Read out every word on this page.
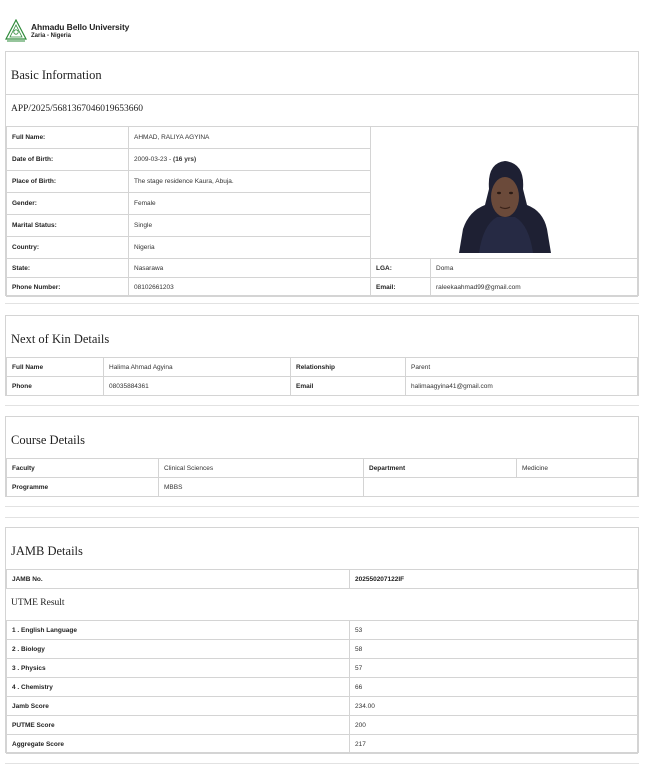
Ahmadu Bello University
Zaria - Nigeria
Basic Information
APP/2025/5681367046019653660
Full Name:	AHMAD, RALIYA AGYINA		
Date of Birth:	2009-03-23 - (16 yrs)		
Place of Birth:	The stage residence Kaura, Abuja.		
Gender:	Female		
Marital Status:	Single		
Country:	Nigeria		
State:	Nasarawa	LGA:	Doma
Phone Number:	08102661203	Email:	raleekaahmad99@gmail.com
Next of Kin Details
Full Name	Halima Ahmad Agyina	Relationship	Parent
Phone	08035884361	Email	halimaagyina41@gmail.com
Course Details
Faculty	Clinical Sciences	Department	Medicine
Programme	MBBS		
JAMB Details
JAMB No.	202550207122IF
UTME Result
1 . English Language	53
2 . Biology	58
3 . Physics	57
4 . Chemistry	66
Jamb Score	234.00
PUTME Score	200
Aggregate Score	217
